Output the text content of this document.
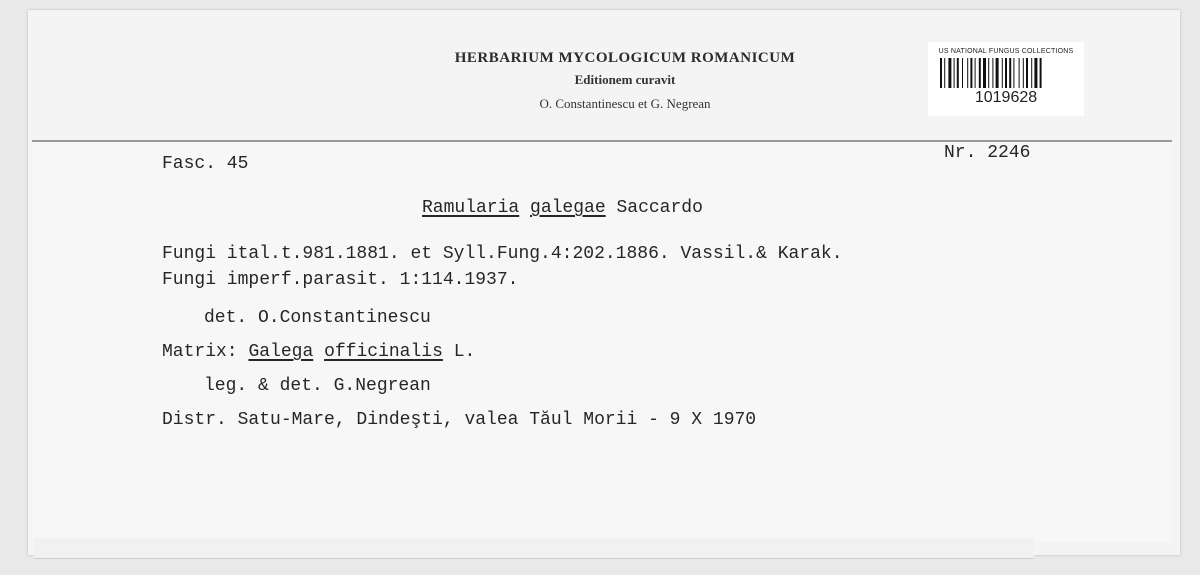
HERBARIUM MYCOLOGICUM ROMANICUM
Editionem curavit
O. Constantinescu et G. Negrean
US NATIONAL FUNGUS COLLECTIONS
1019628
Fasc. 45
Nr. 2246
Ramularia galegae Saccardo
Fungi ital.t.981.1881. et Syll.Fung.4:202.1886. Vassil.& Karak.
Fungi imperf.parasit. 1:114.1937.
det. O.Constantinescu
Matrix: Galega officinalis L.
leg. & det. G.Negrean
Distr. Satu-Mare, Dindeşti, valea Tăul Morii - 9 X 1970
